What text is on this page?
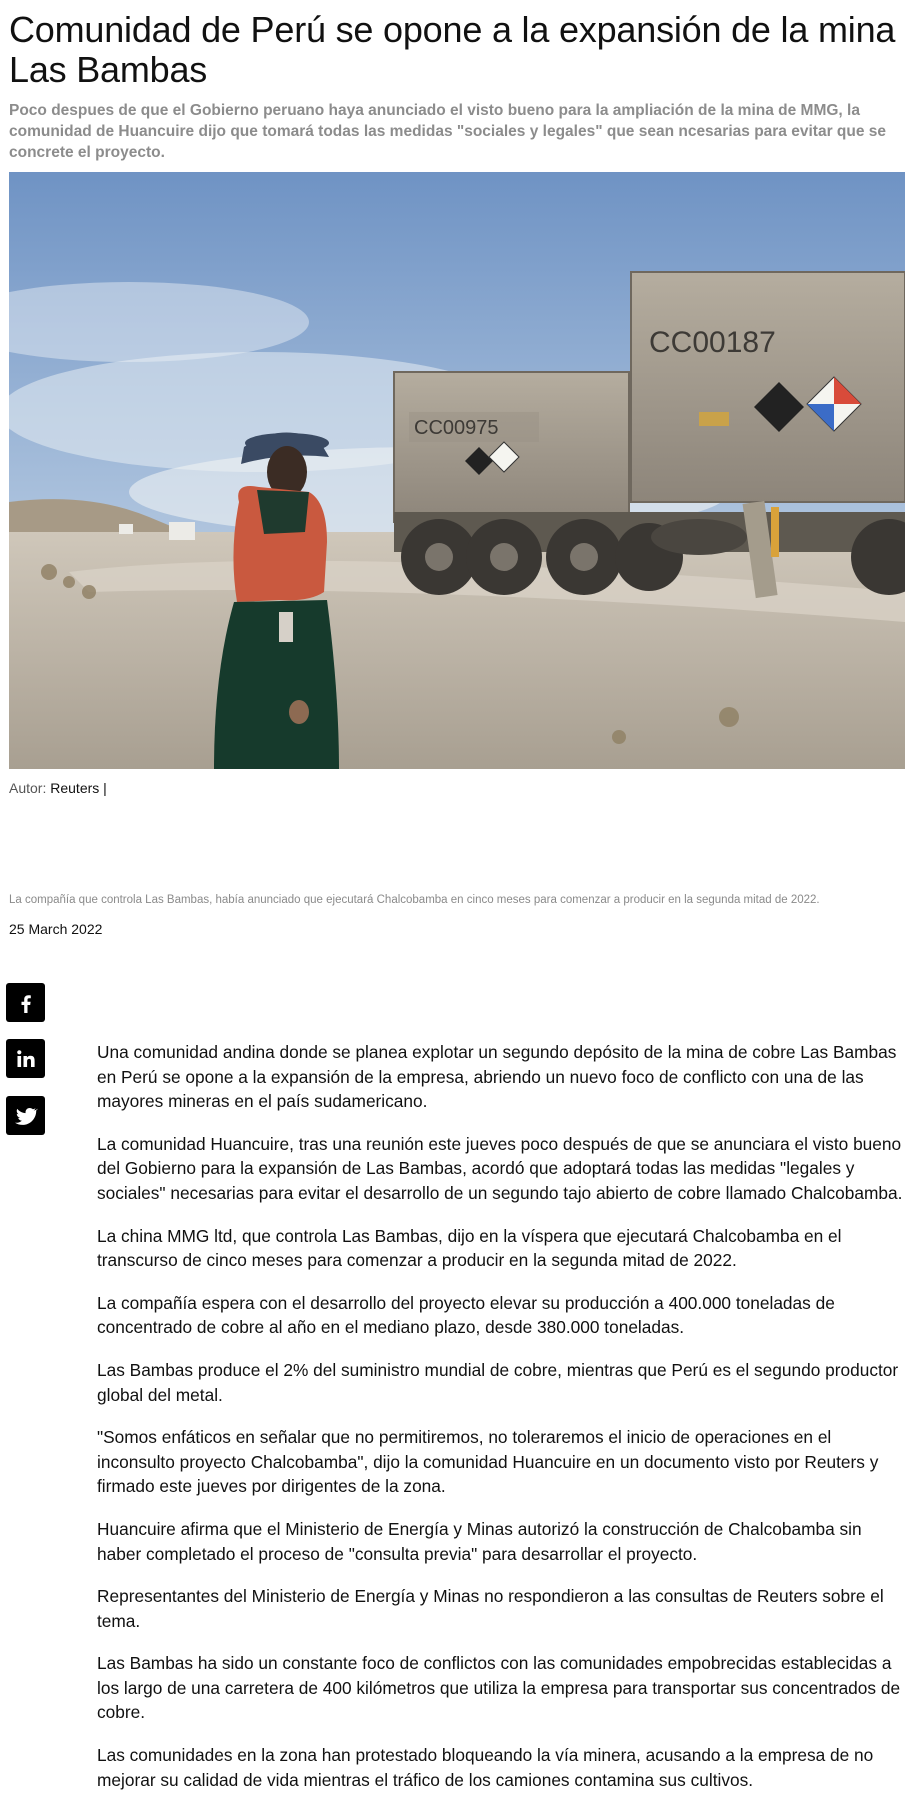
Comunidad de Perú se opone a la expansión de la mina Las Bambas

Poco despues de que el Gobierno peruano haya anunciado el visto bueno para la ampliación de la mina de MMG, la comunidad de Huancuire dijo que tomará todas las medidas "sociales y legales" que sean ncesarias para evitar que se concrete el proyecto.

CC00975
CC00187
Autor: Reuters |
La compañía que controla Las Bambas, había anunciado que ejecutará Chalcobamba en cinco meses para comenzar a producir en la segunda mitad de 2022.
25 March 2022

Una comunidad andina donde se planea explotar un segundo depósito de la mina de cobre Las Bambas en Perú se opone a la expansión de la empresa, abriendo un nuevo foco de conflicto con una de las mayores mineras en el país sudamericano.

La comunidad Huancuire, tras una reunión este jueves poco después de que se anunciara el visto bueno del Gobierno para la expansión de Las Bambas, acordó que adoptará todas las medidas "legales y sociales" necesarias para evitar el desarrollo de un segundo tajo abierto de cobre llamado Chalcobamba.

La china MMG ltd, que controla Las Bambas, dijo en la víspera que ejecutará Chalcobamba en el transcurso de cinco meses para comenzar a producir en la segunda mitad de 2022.

La compañía espera con el desarrollo del proyecto elevar su producción a 400.000 toneladas de concentrado de cobre al año en el mediano plazo, desde 380.000 toneladas.

Las Bambas produce el 2% del suministro mundial de cobre, mientras que Perú es el segundo productor global del metal.

"Somos enfáticos en señalar que no permitiremos, no toleraremos el inicio de operaciones en el inconsulto proyecto Chalcobamba", dijo la comunidad Huancuire en un documento visto por Reuters y firmado este jueves por dirigentes de la zona.

Huancuire afirma que el Ministerio de Energía y Minas autorizó la construcción de Chalcobamba sin haber completado el proceso de "consulta previa" para desarrollar el proyecto.

Representantes del Ministerio de Energía y Minas no respondieron a las consultas de Reuters sobre el tema.

Las Bambas ha sido un constante foco de conflictos con las comunidades empobrecidas establecidas a los largo de una carretera de 400 kilómetros que utiliza la empresa para transportar sus concentrados de cobre.

Las comunidades en la zona han protestado bloqueando la vía minera, acusando a la empresa de no mejorar su calidad de vida mientras el tráfico de los camiones contamina sus cultivos.
